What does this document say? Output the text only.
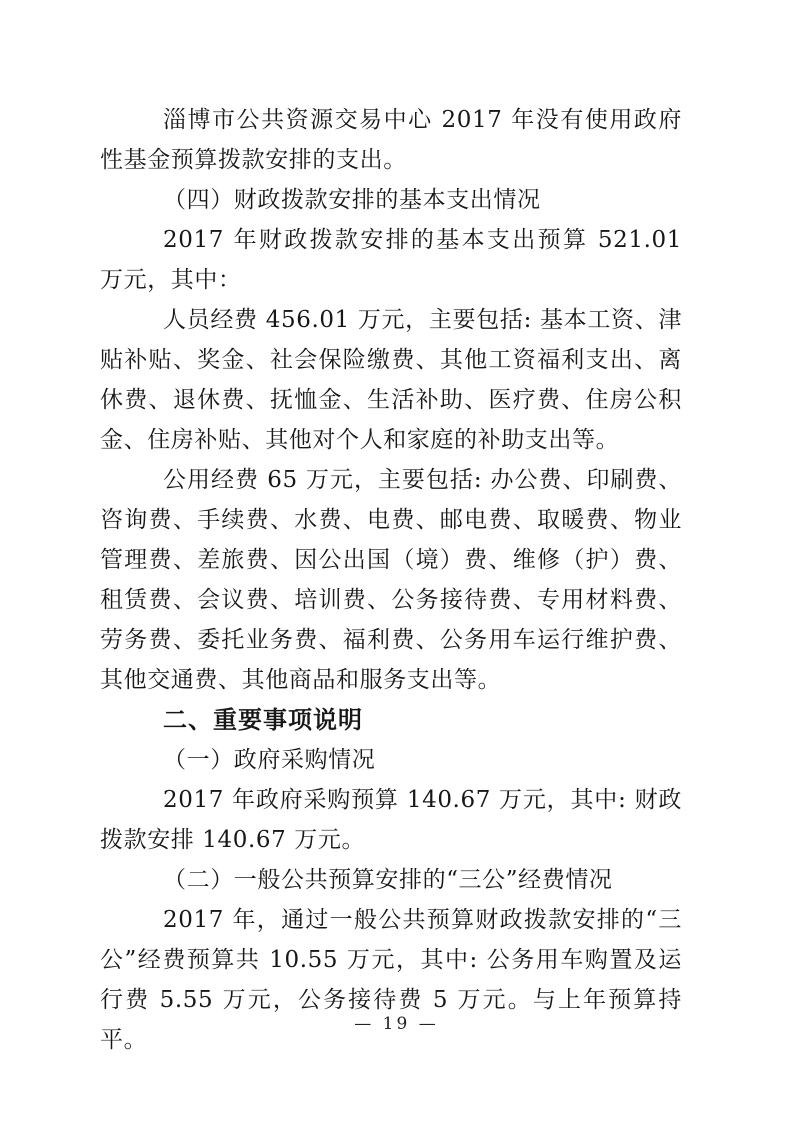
淄博市公共资源交易中心 2017 年没有使用政府性基金预算拨款安排的支出。

（四）财政拨款安排的基本支出情况

2017 年财政拨款安排的基本支出预算 521.01 万元，其中：

人员经费 456.01 万元，主要包括: 基本工资、津贴补贴、奖金、社会保险缴费、其他工资福利支出、离休费、退休费、抚恤金、生活补助、医疗费、住房公积金、住房补贴、其他对个人和家庭的补助支出等。

公用经费 65 万元，主要包括: 办公费、印刷费、咨询费、手续费、水费、电费、邮电费、取暖费、物业管理费、差旅费、因公出国（境）费、维修（护）费、租赁费、会议费、培训费、公务接待费、专用材料费、劳务费、委托业务费、福利费、公务用车运行维护费、其他交通费、其他商品和服务支出等。

二、重要事项说明

（一）政府采购情况

2017 年政府采购预算 140.67 万元，其中: 财政拨款安排 140.67 万元。

（二）一般公共预算安排的“三公”经费情况

2017 年，通过一般公共预算财政拨款安排的“三公”经费预算共 10.55 万元，其中: 公务用车购置及运行费 5.55 万元，公务接待费 5 万元。与上年预算持平。

— 19 —
